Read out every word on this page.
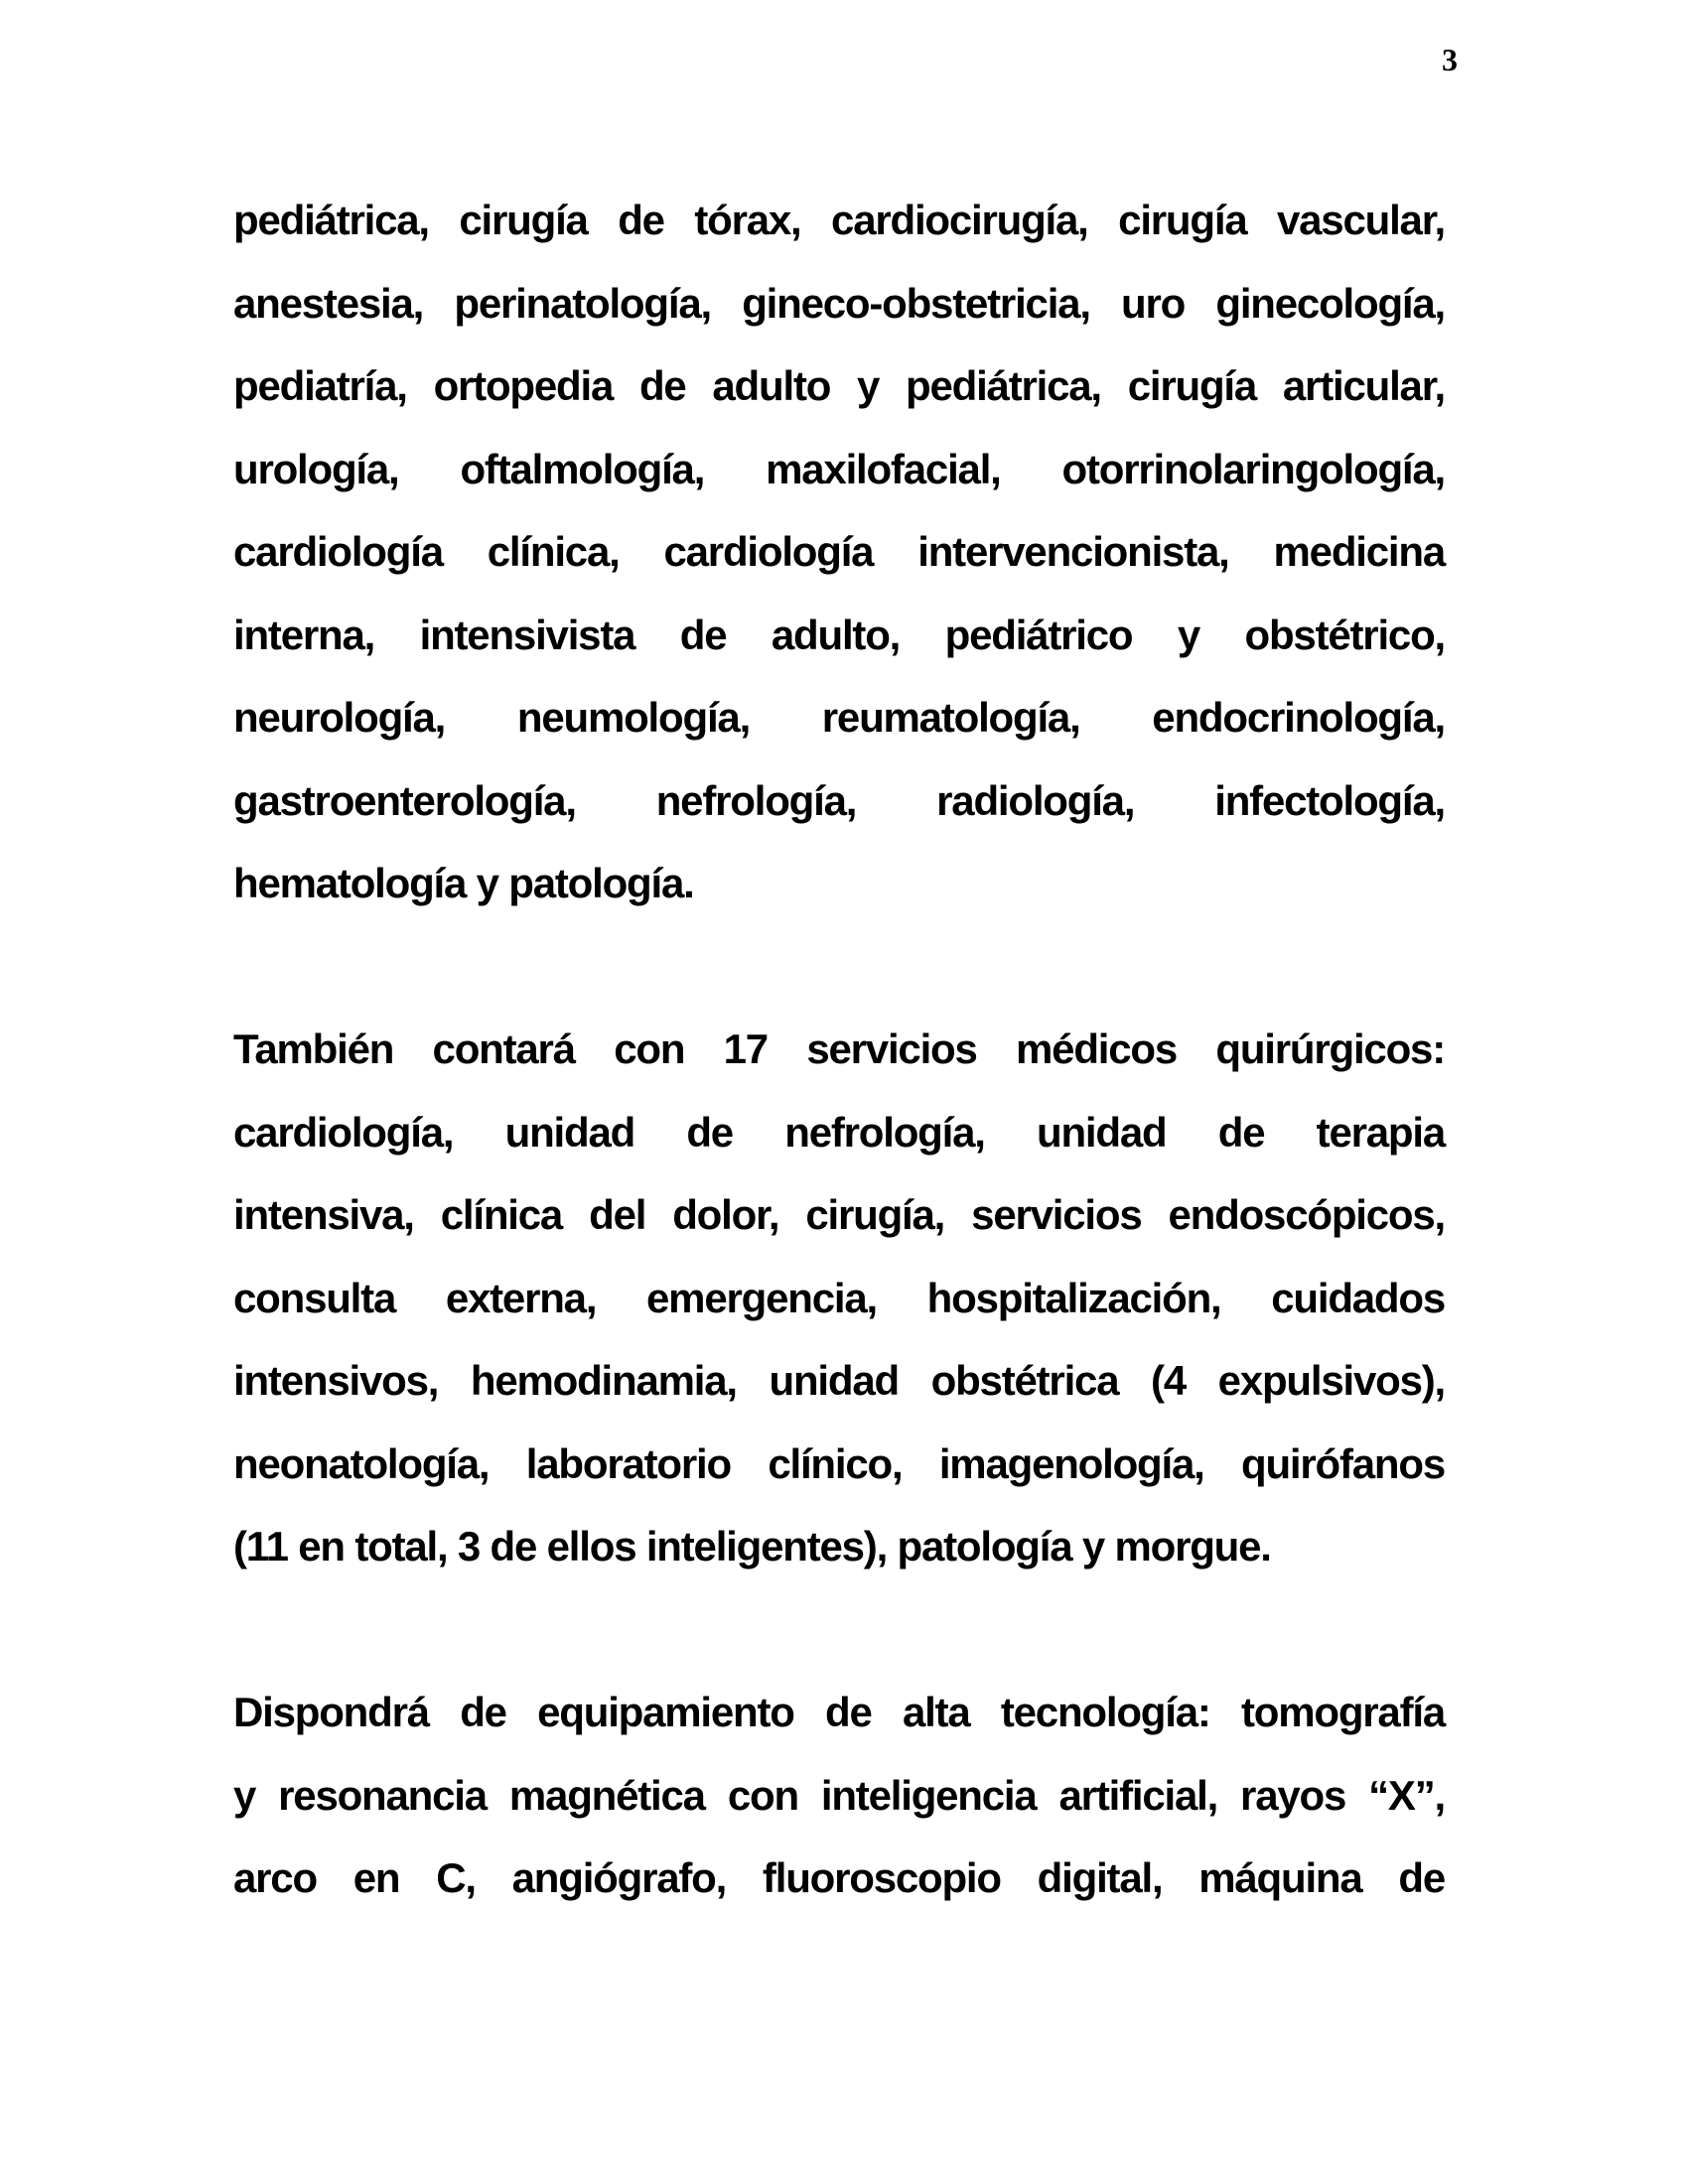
3
pediátrica, cirugía de tórax, cardiocirugía, cirugía vascular,
anestesia, perinatología, gineco-obstetricia, uro ginecología,
pediatría, ortopedia de adulto y pediátrica, cirugía articular,
urología, oftalmología, maxilofacial, otorrinolaringología,
cardiología clínica, cardiología intervencionista, medicina
interna, intensivista de adulto, pediátrico y obstétrico,
neurología, neumología, reumatología, endocrinología,
gastroenterología, nefrología, radiología, infectología,
hematología y patología.
También contará con 17 servicios médicos quirúrgicos:
cardiología, unidad de nefrología, unidad de terapia
intensiva, clínica del dolor, cirugía, servicios endoscópicos,
consulta externa, emergencia, hospitalización, cuidados
intensivos, hemodinamia, unidad obstétrica (4 expulsivos),
neonatología, laboratorio clínico, imagenología, quirófanos
(11 en total, 3 de ellos inteligentes), patología y morgue.
Dispondrá de equipamiento de alta tecnología: tomografía
y resonancia magnética con inteligencia artificial, rayos “X”,
arco en C, angiógrafo, fluoroscopio digital, máquina de
